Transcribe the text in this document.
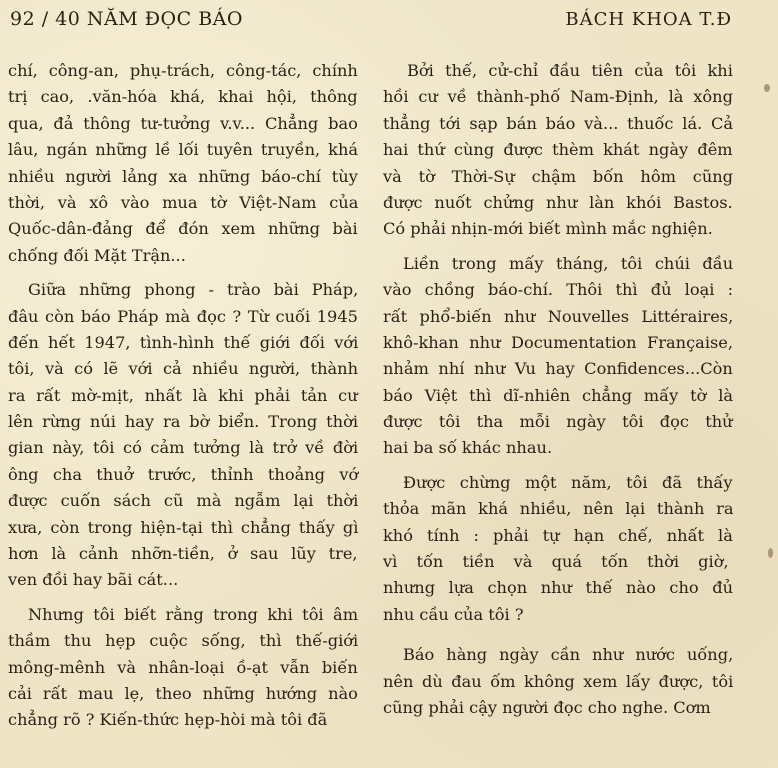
92 / 40 NĂM ĐỌC BÁO	BÁCH KHOA T.Đ
chí, công-an, phụ-trách, công-tác, chính
trị cao, .văn-hóa khá, khai hội, thông
qua, đả thông tư-tưởng v.v... Chẳng bao
lâu, ngán những lề lối tuyên truyền, khá
nhiều người lảng xa những báo-chí tùy
thời, và xô vào mua tờ Việt-Nam của
Quốc-dân-đảng để đón xem những bài
chống đối Mặt Trận...
Giữa những phong - trào bài Pháp,
đâu còn báo Pháp mà đọc ? Từ cuối 1945
đến hết 1947, tình-hình thế giới đối với
tôi, và có lẽ với cả nhiều người, thành
ra rất mờ-mịt, nhất là khi phải tản cư
lên rừng núi hay ra bờ biển. Trong thời
gian này, tôi có cảm tưởng là trở về đời
ông cha thuở trước, thỉnh thoảng vớ
được cuốn sách cũ mà ngẫm lại thời
xưa, còn trong hiện-tại thì chẳng thấy gì
hơn là cảnh nhỡn-tiền, ở sau lũy tre,
ven đồi hay bãi cát...
Nhưng tôi biết rằng trong khi tôi âm
thầm thu hẹp cuộc sống, thì thế-giới
mông-mênh và nhân-loại ồ-ạt vẫn biến
cải rất mau lẹ, theo những hướng nào
chẳng rõ ? Kiến-thức hẹp-hòi mà tôi đã
Bởi thế, cử-chỉ đầu tiên của tôi khi
hồi cư về thành-phố Nam-Định, là xông
thẳng tới sạp bán báo và... thuốc lá. Cả
hai thứ cùng được thèm khát ngày đêm
và tờ Thời-Sự chậm bốn hôm cũng
được nuốt chửng như làn khói Bastos.
Có phải nhịn-mới biết mình mắc nghiện.
Liền trong mấy tháng, tôi chúi đầu
vào chồng báo-chí. Thôi thì đủ loại :
rất phổ-biến như Nouvelles Littéraires,
khô-khan như Documentation Française,
nhảm nhí như Vu hay Confidences...Còn
báo Việt thì dĩ-nhiên chẳng mấy tờ là
được tôi tha mỗi ngày tôi đọc thử
hai ba số khác nhau.
Được chừng một năm, tôi đã thấy
thỏa mãn khá nhiều, nên lại thành ra
khó tính : phải tự hạn chế, nhất là
vì tốn tiền và quá tốn thời giờ,
nhưng lựa chọn như thế nào cho đủ
nhu cầu của tôi ?
Báo hàng ngày cần như nước uống,
nên dù đau ốm không xem lấy được, tôi
cũng phải cậy người đọc cho nghe. Cơm
